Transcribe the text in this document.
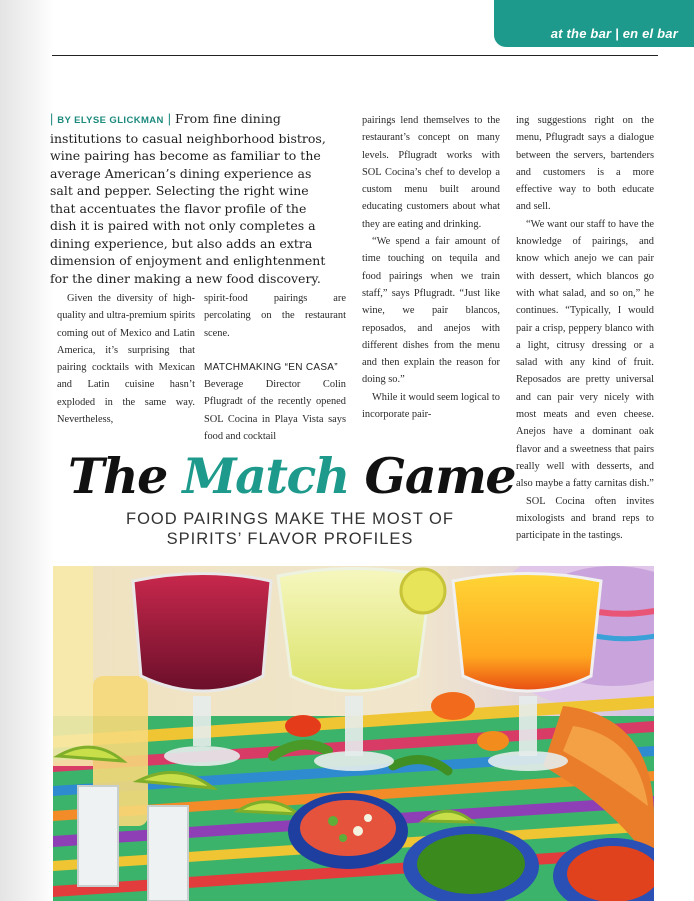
at the bar | en el bar
| BY ELYSE GLICKMAN | From fine dining institutions to casual neighborhood bistros, wine pairing has become as familiar to the average American’s dining experience as salt and pepper. Selecting the right wine that accentuates the flavor profile of the dish it is paired with not only completes a dining experience, but also adds an extra dimension of enjoyment and enlightenment for the diner making a new food discovery.

Given the diversity of high-quality and ultra-premium spirits coming out of Mexico and Latin America, it’s surprising that pairing cocktails with Mexican and Latin cuisine hasn’t exploded in the same way. Nevertheless,

spirit-food pairings are percolating on the restaurant scene.

MATCHMAKING “EN CASA”

Beverage Director Colin Pflugradt of the recently opened SOL Cocina in Playa Vista says food and cocktail

pairings lend themselves to the restaurant’s concept on many levels. Pflugradt works with SOL Cocina’s chef to develop a custom menu built around educating customers about what they are eating and drinking.

“We spend a fair amount of time touching on tequila and food pairings when we train staff,” says Pflugradt. “Just like wine, we pair blancos, reposados, and anejos with different dishes from the menu and then explain the reason for doing so.”

While it would seem logical to incorporate pair-

ing suggestions right on the menu, Pflugradt says a dialogue between the servers, bartenders and customers is a more effective way to both educate and sell.

“We want our staff to have the knowledge of pairings, and know which anejo we can pair with dessert, which blancos go with what salad, and so on,” he continues. “Typically, I would pair a crisp, peppery blanco with a light, citrusy dressing or a salad with any kind of fruit. Reposados are pretty universal and can pair very nicely with most meats and even cheese. Anejos have a dominant oak flavor and a sweetness that pairs really well with desserts, and also maybe a fatty carnitas dish.”

SOL Cocina often invites mixologists and brand reps to participate in the tastings.

The Match Game
FOOD PAIRINGS MAKE THE MOST OF
SPIRITS’ FLAVOR PROFILES
